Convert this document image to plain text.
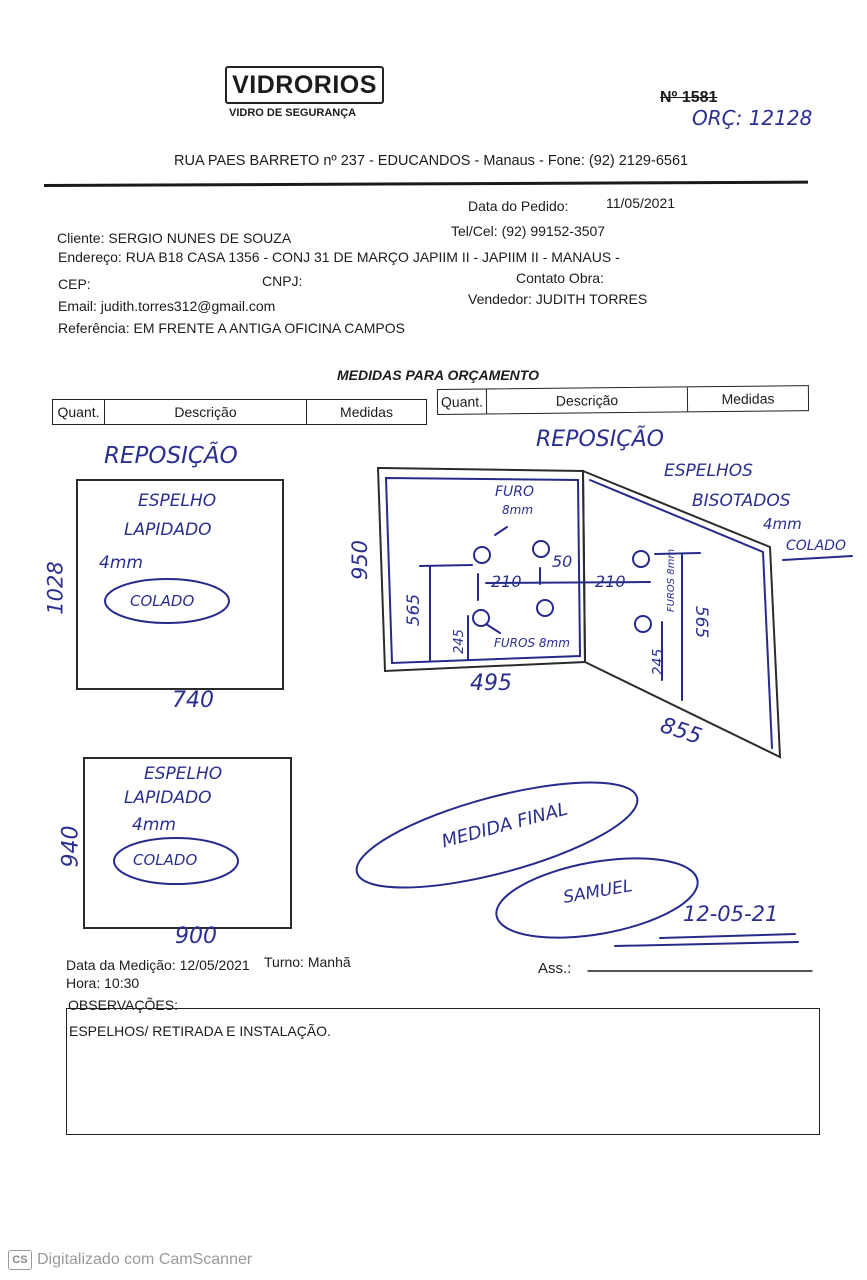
VIDRORIOS
VIDRO DE SEGURANÇA
Nº 1581
ORÇ: 12128
RUA PAES BARRETO nº 237 - EDUCANDOS - Manaus - Fone: (92) 2129-6561
Data do Pedido:	11/05/2021
Cliente: SERGIO NUNES DE SOUZA	Tel/Cel: (92) 99152-3507
Endereço: RUA B18 CASA 1356 - CONJ 31 DE MARÇO JAPIIM II - JAPIIM II - MANAUS -
CEP:	CNPJ:	Contato Obra:
Email: judith.torres312@gmail.com	Vendedor: JUDITH TORRES
Referência: EM FRENTE A ANTIGA OFICINA CAMPOS
MEDIDAS PARA ORÇAMENTO
Quant.	Descrição	Medidas
Quant.	Descrição	Medidas
REPOSIÇÃO
REPOSIÇÃO
ESPELHO
LAPIDADO
4mm
COLADO
1028
740
ESPELHO
LAPIDADO
4mm
COLADO
940
900
ESPELHOS
BISOTADOS
4mm
COLADO
950
FURO
8mm
FUROS 8mm
FUROS 8mm
565
245
210
50
210
565
245
495
855
MEDIDA FINAL
SAMUEL
12-05-21
Data da Medição: 12/05/2021 Turno: Manhã
Hora: 10:30
Ass.:
OBSERVAÇÕES:
ESPELHOS/ RETIRADA E INSTALAÇÃO.
CS Digitalizado com CamScanner
